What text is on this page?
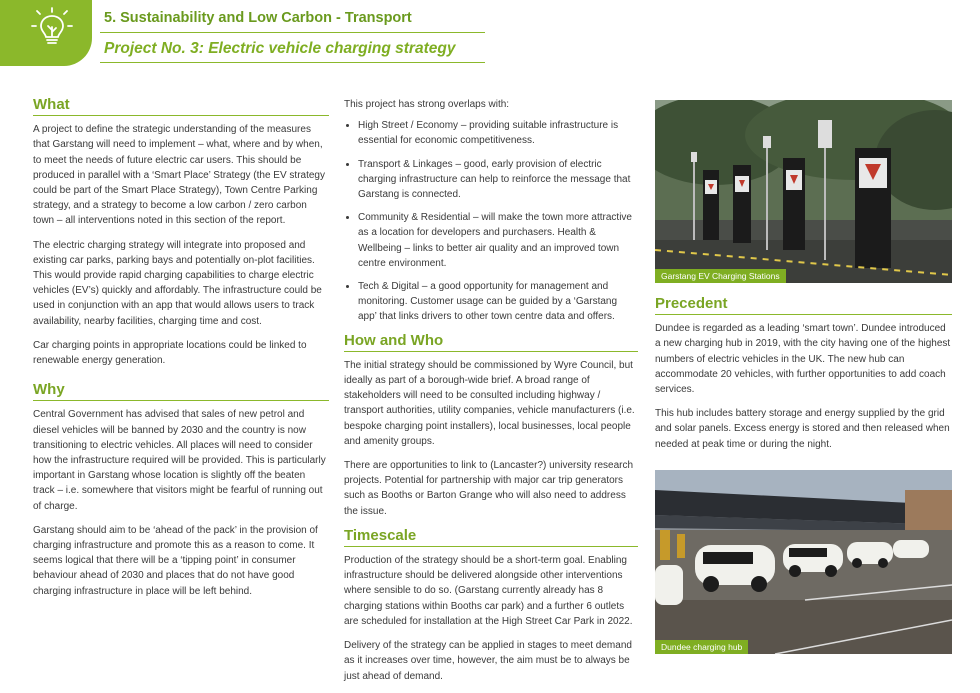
5. Sustainability and Low Carbon - Transport
Project No. 3: Electric vehicle charging strategy
What

A project to define the strategic understanding of the measures that Garstang will need to implement – what, where and by when, to meet the needs of future electric car users. This should be produced in parallel with a ‘Smart Place’ Strategy (the EV strategy could be part of the Smart Place Strategy), Town Centre Parking strategy, and a strategy to become a low carbon / zero carbon town – all interventions noted in this section of the report.

The electric charging strategy will integrate into proposed and existing car parks, parking bays and potentially on-plot facilities. This would provide rapid charging capabilities to charge electric vehicles (EV’s) quickly and affordably. The infrastructure could be used in conjunction with an app that would allows users to track availability, nearby facilities, charging time and cost.

Car charging points in appropriate locations could be linked to renewable energy generation.

Why

Central Government has advised that sales of new petrol and diesel vehicles will be banned by 2030 and the country is now transitioning to electric vehicles. All places will need to consider how the infrastructure required will be provided. This is particularly important in Garstang whose location is slightly off the beaten track – i.e. somewhere that visitors might be fearful of running out of charge.

Garstang should aim to be ‘ahead of the pack’ in the provision of charging infrastructure and promote this as a reason to come. It seems logical that there will be a ‘tipping point’ in consumer behaviour ahead of 2030 and places that do not have good charging infrastructure in place will be left behind.

This project has strong overlaps with:

• High Street / Economy – providing suitable infrastructure is essential for economic competitiveness.
• Transport & Linkages – good, early provision of electric charging infrastructure can help to reinforce the message that Garstang is connected.
• Community & Residential – will make the town more attractive as a location for developers and purchasers. Health & Wellbeing – links to better air quality and an improved town centre environment.
• Tech & Digital – a good opportunity for management and monitoring. Customer usage can be guided by a ‘Garstang app’ that links drivers to other town centre data and offers.
How and Who

The initial strategy should be commissioned by Wyre Council, but ideally as part of a borough-wide brief. A broad range of stakeholders will need to be consulted including highway / transport authorities, utility companies, vehicle manufacturers (i.e. bespoke charging point installers), local businesses, local people and amenity groups.

There are opportunities to link to (Lancaster?) university research projects. Potential for partnership with major car trip generators such as Booths or Barton Grange who will also need to address the issue.

Timescale

Production of the strategy should be a short-term goal. Enabling infrastructure should be delivered alongside other interventions where sensible to do so. (Garstang currently already has 8 charging stations within Booths car park) and a further 6 outlets are scheduled for installation at the High Street Car Park in 2022.

Delivery of the strategy can be applied in stages to meet demand as it increases over time, however, the aim must be to always be just ahead of demand.

Garstang EV Charging Stations
Precedent

Dundee is regarded as a leading ‘smart town’. Dundee introduced a new charging hub in 2019, with the city having one of the highest numbers of electric vehicles in the UK. The new hub can accommodate 20 vehicles, with further opportunities to add coach services.

This hub includes battery storage and energy supplied by the grid and solar panels. Excess energy is stored and then released when needed at peak time or during the night.

Dundee charging hub
